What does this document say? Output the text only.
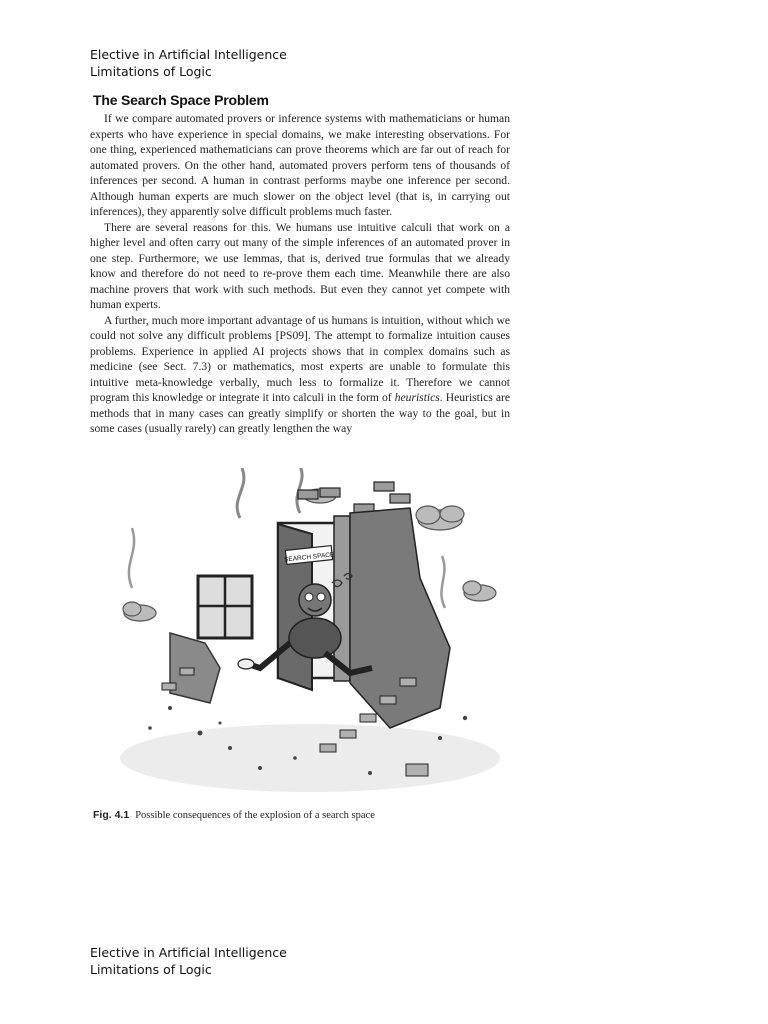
Elective in Artificial Intelligence
Limitations of Logic
The Search Space Problem

If we compare automated provers or inference systems with mathematicians or human experts who have experience in special domains, we make interesting observations. For one thing, experienced mathematicians can prove theorems which are far out of reach for automated provers. On the other hand, automated provers perform tens of thousands of inferences per second. A human in contrast performs maybe one inference per second. Although human experts are much slower on the object level (that is, in carrying out inferences), they apparently solve difficult problems much faster.

There are several reasons for this. We humans use intuitive calculi that work on a higher level and often carry out many of the simple inferences of an automated prover in one step. Furthermore, we use lemmas, that is, derived true formulas that we already know and therefore do not need to re-prove them each time. Meanwhile there are also machine provers that work with such methods. But even they cannot yet compete with human experts.

A further, much more important advantage of us humans is intuition, without which we could not solve any difficult problems [PS09]. The attempt to formalize intuition causes problems. Experience in applied AI projects shows that in complex domains such as medicine (see Sect. 7.3) or mathematics, most experts are unable to formulate this intuitive meta-knowledge verbally, much less to formalize it. Therefore we cannot program this knowledge or integrate it into calculi in the form of heuristics. Heuristics are methods that in many cases can greatly simplify or shorten the way to the goal, but in some cases (usually rarely) can greatly lengthen the way

SEARCH SPACE
Fig. 4.1 Possible consequences of the explosion of a search space
Elective in Artificial Intelligence
Limitations of Logic
